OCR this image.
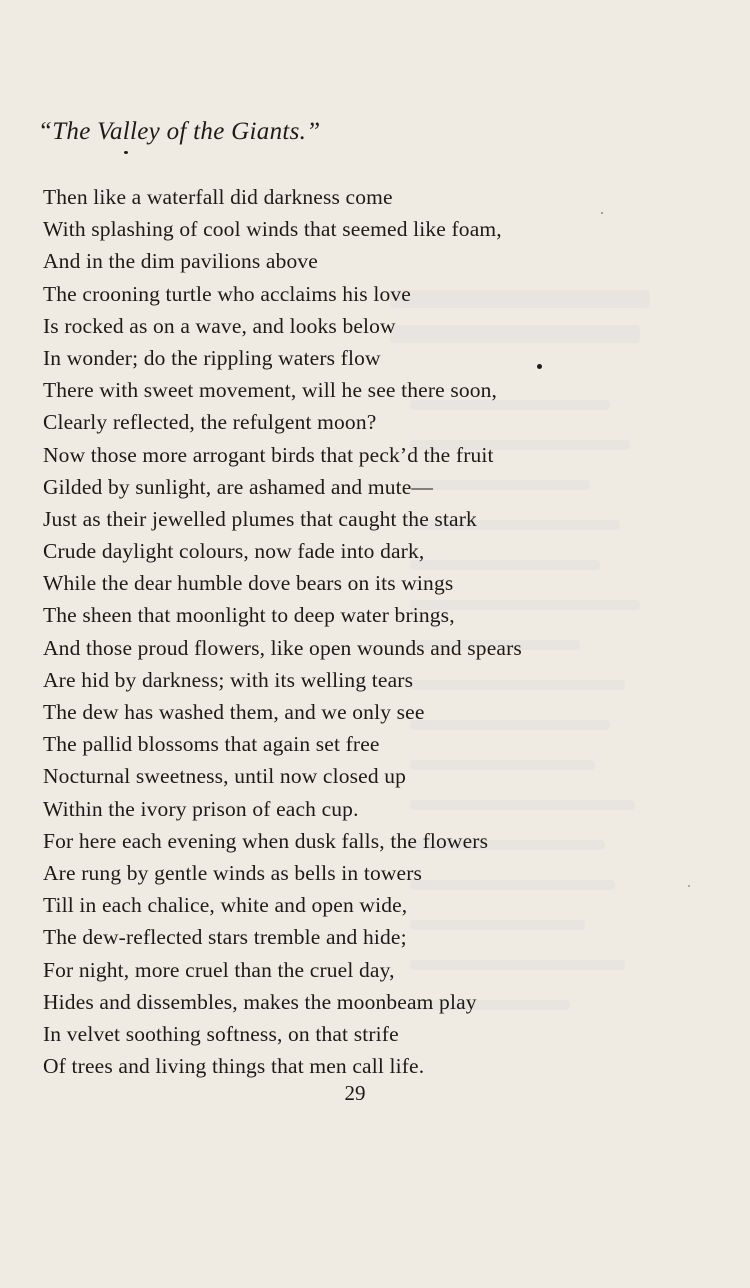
“The Valley of the Giants.”
Then like a waterfall did darkness come
With splashing of cool winds that seemed like foam,
And in the dim pavilions above
The crooning turtle who acclaims his love
Is rocked as on a wave, and looks below
In wonder; do the rippling waters flow
There with sweet movement, will he see there soon,
Clearly reflected, the refulgent moon?
Now those more arrogant birds that peck’d the fruit
Gilded by sunlight, are ashamed and mute—
Just as their jewelled plumes that caught the stark
Crude daylight colours, now fade into dark,
While the dear humble dove bears on its wings
The sheen that moonlight to deep water brings,
And those proud flowers, like open wounds and spears
Are hid by darkness; with its welling tears
The dew has washed them, and we only see
The pallid blossoms that again set free
Nocturnal sweetness, until now closed up
Within the ivory prison of each cup.
For here each evening when dusk falls, the flowers
Are rung by gentle winds as bells in towers
Till in each chalice, white and open wide,
The dew-reflected stars tremble and hide;
For night, more cruel than the cruel day,
Hides and dissembles, makes the moonbeam play
In velvet soothing softness, on that strife
Of trees and living things that men call life.
29
